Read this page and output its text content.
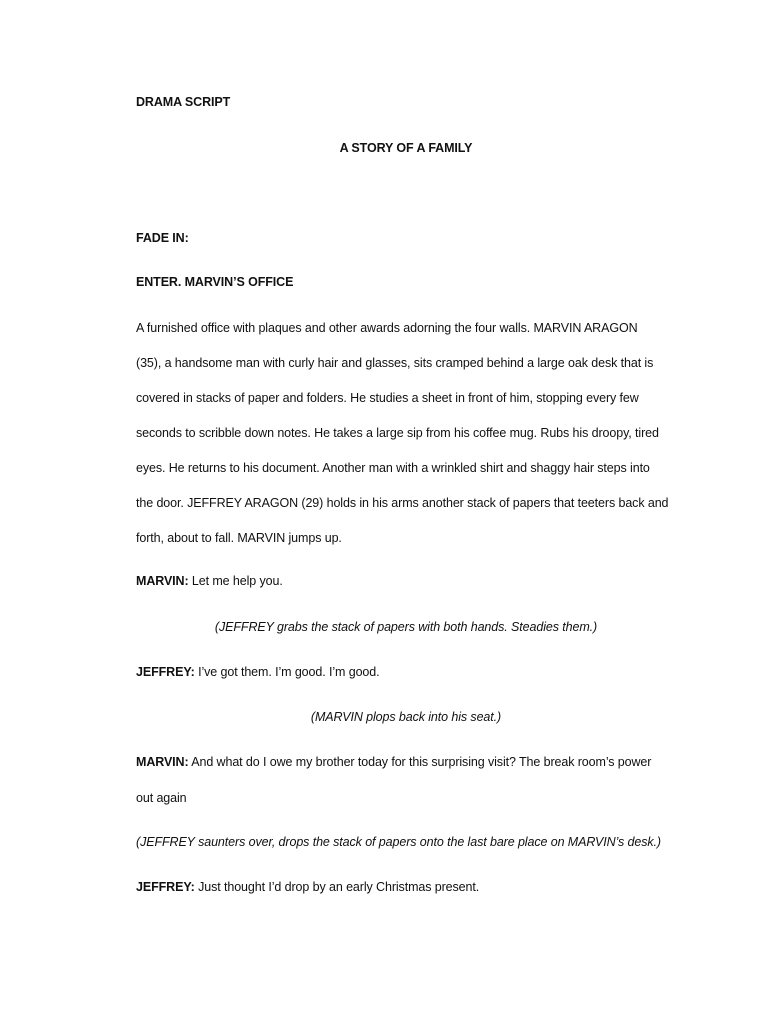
DRAMA SCRIPT
A STORY OF A FAMILY
FADE IN:
ENTER. MARVIN’S OFFICE
A furnished office with plaques and other awards adorning the four walls. MARVIN ARAGON
(35), a handsome man with curly hair and glasses, sits cramped behind a large oak desk that is
covered in stacks of paper and folders. He studies a sheet in front of him, stopping every few
seconds to scribble down notes. He takes a large sip from his coffee mug. Rubs his droopy, tired
eyes. He returns to his document. Another man with a wrinkled shirt and shaggy hair steps into
the door. JEFFREY ARAGON (29) holds in his arms another stack of papers that teeters back and
forth, about to fall. MARVIN jumps up.
MARVIN: Let me help you.
(JEFFREY grabs the stack of papers with both hands. Steadies them.)
JEFFREY: I’ve got them. I’m good. I’m good.
(MARVIN plops back into his seat.)
MARVIN: And what do I owe my brother today for this surprising visit? The break room’s power
out again
(JEFFREY saunters over, drops the stack of papers onto the last bare place on MARVIN’s desk.)
JEFFREY: Just thought I’d drop by an early Christmas present.
